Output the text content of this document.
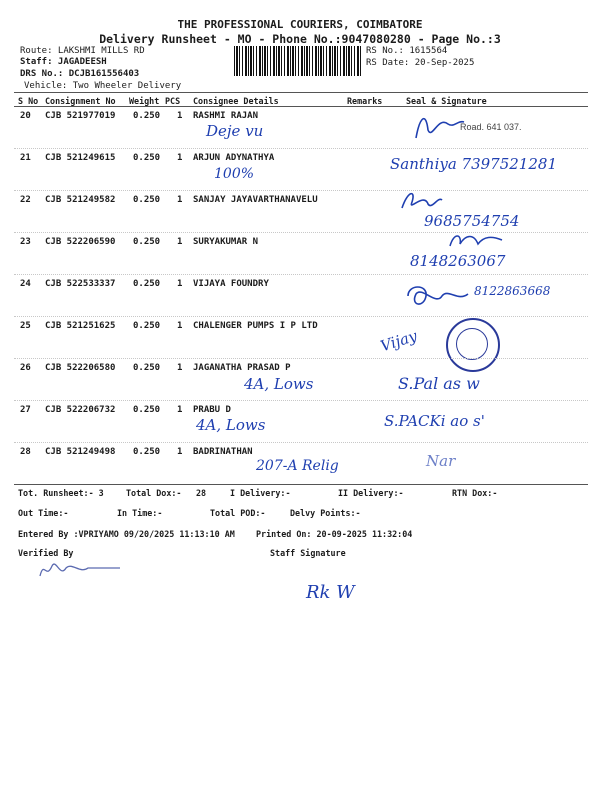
THE PROFESSIONAL COURIERS, COIMBATORE
Delivery Runsheet - MO - Phone No.:9047080280 - Page No.:3
Route: LAKSHMI MILLS RD
Staff: JAGADEESH
DRS No.: DCJB161556403
Vehicle: Two Wheeler Delivery
RS No.: 1615564
RS Date: 20-Sep-2025
S No Consignment No Weight PCS Consignee Details	Remarks	Seal & Signature
20 CJB 521977019 0.250 1 RASHMI RAJAN
Deje vu	Road. 641 037.
21 CJB 521249615 0.250 1 ARJUN ADYNATHYA
100%
Santhiya 7397521281
22 CJB 521249582 0.250 1 SANJAY JAYAVARTHANAVELU
9685754754
23 CJB 522206590 0.250 1 SURYAKUMAR N
8148263067
24 CJB 522533337 0.250 1 VIJAYA FOUNDRY	8122863668
25 CJB 521251625 0.250 1 CHALENGER PUMPS I P LTD
Vijay
26 CJB 522206580 0.250 1 JAGANATHA PRASAD P
4A, Lows	S.Pal as w
27 CJB 522206732 0.250 1 PRABU D
4A, Lows	S.PACKi ao s'
28 CJB 521249498 0.250 1 BADRINATHAN
207-A Relig	Nar
Tot. Runsheet:- 3	Total Dox:- 28	I Delivery:-	II Delivery:-	RTN Dox:-
Out Time:-	In Time:-	Total POD:-	Delvy Points:-
Entered By :VPRIYAMO 09/20/2025 11:13:10 AM	Printed On: 20-09-2025 11:32:04
Verified By	Staff Signature
Rk W
